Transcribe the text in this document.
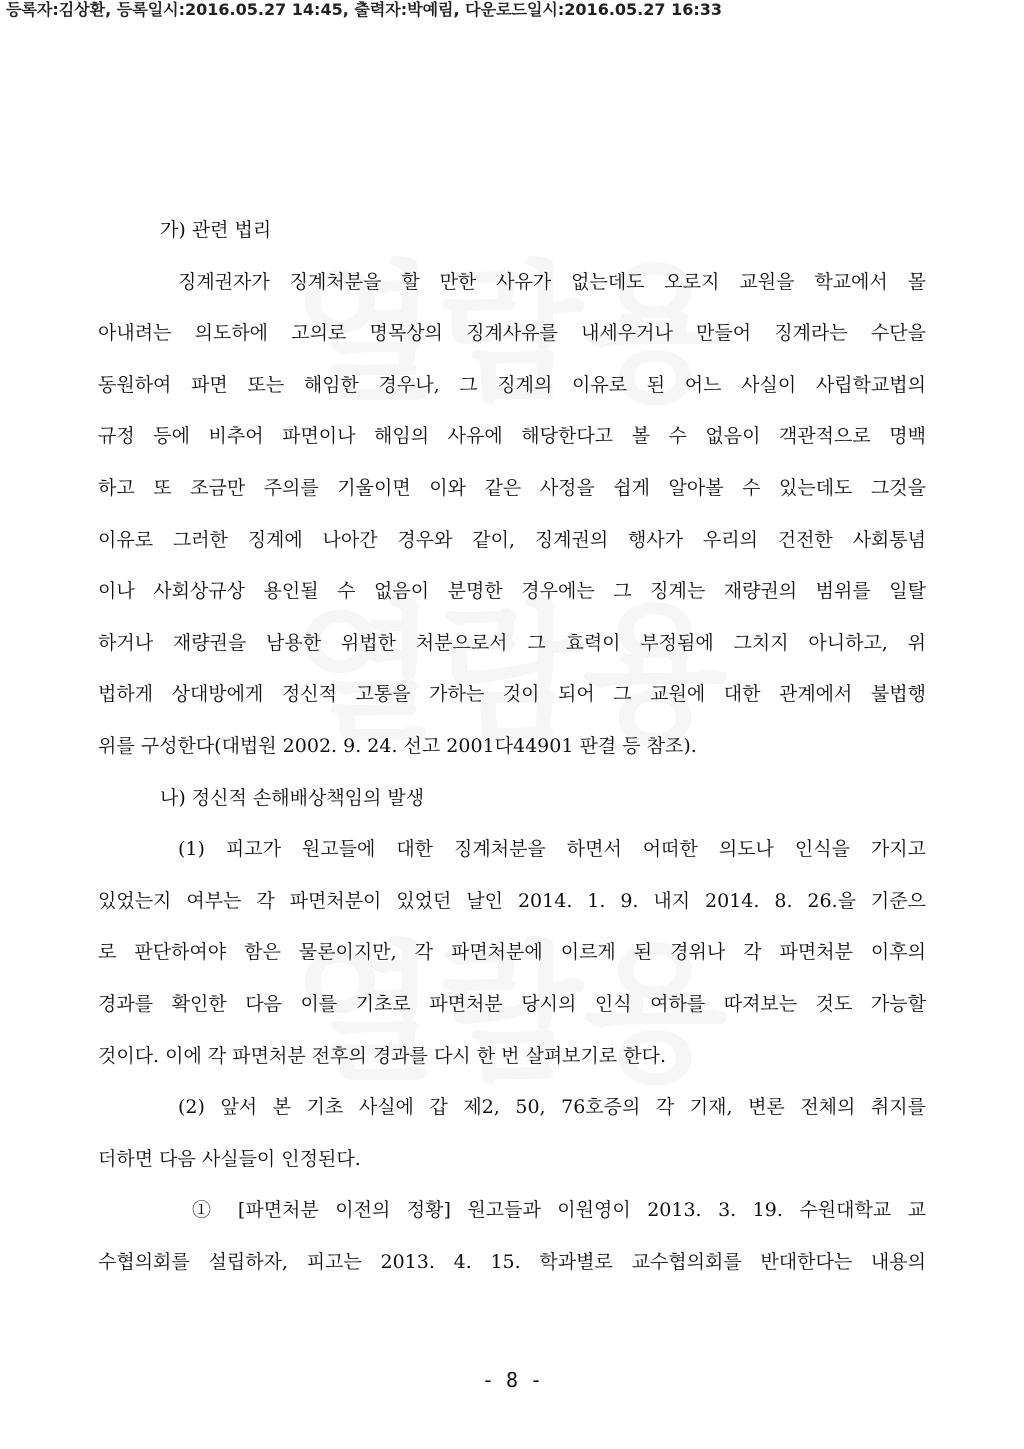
등록자:김상환, 등록일시:2016.05.27 14:45, 출력자:박예림, 다운로드일시:2016.05.27 16:33
가) 관련 법리
징계권자가 징계처분을 할 만한 사유가 없는데도 오로지 교원을 학교에서 몰
아내려는 의도하에 고의로 명목상의 징계사유를 내세우거나 만들어 징계라는 수단을
동원하여 파면 또는 해임한 경우나, 그 징계의 이유로 된 어느 사실이 사립학교법의
규정 등에 비추어 파면이나 해임의 사유에 해당한다고 볼 수 없음이 객관적으로 명백
하고 또 조금만 주의를 기울이면 이와 같은 사정을 쉽게 알아볼 수 있는데도 그것을
이유로 그러한 징계에 나아간 경우와 같이, 징계권의 행사가 우리의 건전한 사회통념
이나 사회상규상 용인될 수 없음이 분명한 경우에는 그 징계는 재량권의 범위를 일탈
하거나 재량권을 남용한 위법한 처분으로서 그 효력이 부정됨에 그치지 아니하고, 위
법하게 상대방에게 정신적 고통을 가하는 것이 되어 그 교원에 대한 관계에서 불법행
위를 구성한다(대법원 2002. 9. 24. 선고 2001다44901 판결 등 참조).
나) 정신적 손해배상책임의 발생
(1) 피고가 원고들에 대한 징계처분을 하면서 어떠한 의도나 인식을 가지고
있었는지 여부는 각 파면처분이 있었던 날인 2014. 1. 9. 내지 2014. 8. 26.을 기준으
로 판단하여야 함은 물론이지만, 각 파면처분에 이르게 된 경위나 각 파면처분 이후의
경과를 확인한 다음 이를 기초로 파면처분 당시의 인식 여하를 따져보는 것도 가능할
것이다. 이에 각 파면처분 전후의 경과를 다시 한 번 살펴보기로 한다.
(2) 앞서 본 기초 사실에 갑 제2, 50, 76호증의 각 기재, 변론 전체의 취지를
더하면 다음 사실들이 인정된다.
① [파면처분 이전의 정황] 원고들과 이원영이 2013. 3. 19. 수원대학교 교
수협의회를 설립하자, 피고는 2013. 4. 15. 학과별로 교수협의회를 반대한다는 내용의
- 8 -
